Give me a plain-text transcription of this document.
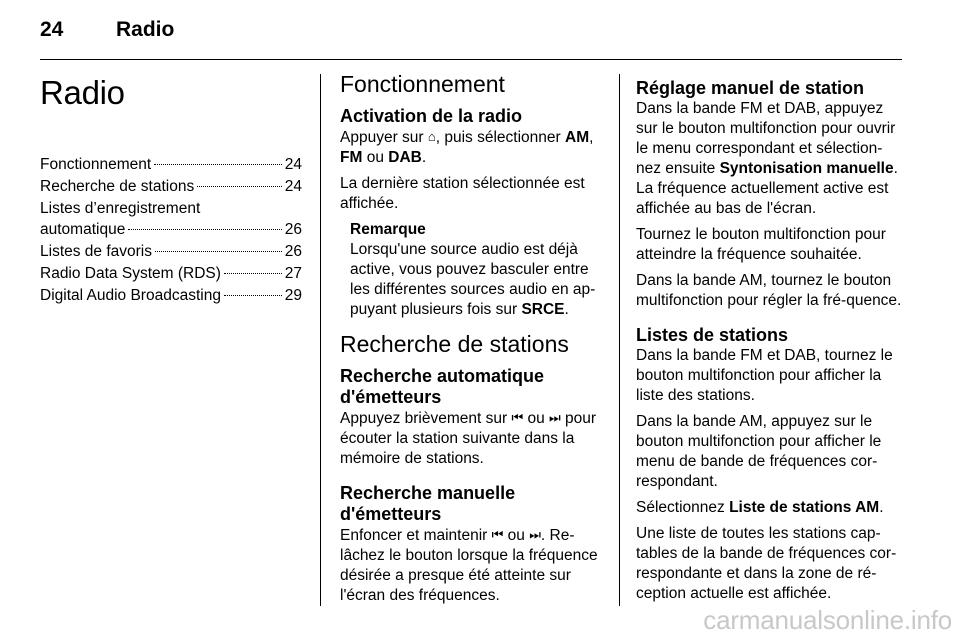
24	Radio
Radio
Fonctionnement	24
Recherche de stations	24
Listes d’enregistrement
automatique	26
Listes de favoris	26
Radio Data System (RDS)	27
Digital Audio Broadcasting	29
Fonctionnement
Activation de la radio

Appuyer sur ⌂, puis sélectionner AM,
FM ou DAB.

La dernière station sélectionnée est affichée.

Remarque

Lorsqu'une source audio est déjà active, vous pouvez basculer entre les différentes sources audio en ap-puyant plusieurs fois sur SRCE.

Recherche de stations
Recherche automatique d'émetteurs

Appuyez brièvement sur ⏮ ou ⏭ pour écouter la station suivante dans la mémoire de stations.

Recherche manuelle d'émetteurs

Enfoncer et maintenir ⏮ ou ⏭. Re-lâchez le bouton lorsque la fréquence désirée a presque été atteinte sur l'écran des fréquences.

Réglage manuel de station

Dans la bande FM et DAB, appuyez sur le bouton multifonction pour ouvrir le menu correspondant et sélection-nez ensuite Syntonisation manuelle. La fréquence actuellement active est affichée au bas de l'écran.

Tournez le bouton multifonction pour atteindre la fréquence souhaitée.

Dans la bande AM, tournez le bouton multifonction pour régler la fré-quence.

Listes de stations

Dans la bande FM et DAB, tournez le bouton multifonction pour afficher la liste des stations.

Dans la bande AM, appuyez sur le bouton multifonction pour afficher le menu de bande de fréquences cor-respondant.

Sélectionnez Liste de stations AM.

Une liste de toutes les stations cap-tables de la bande de fréquences cor-respondante et dans la zone de ré-ception actuelle est affichée.

carmanualsonline.info
